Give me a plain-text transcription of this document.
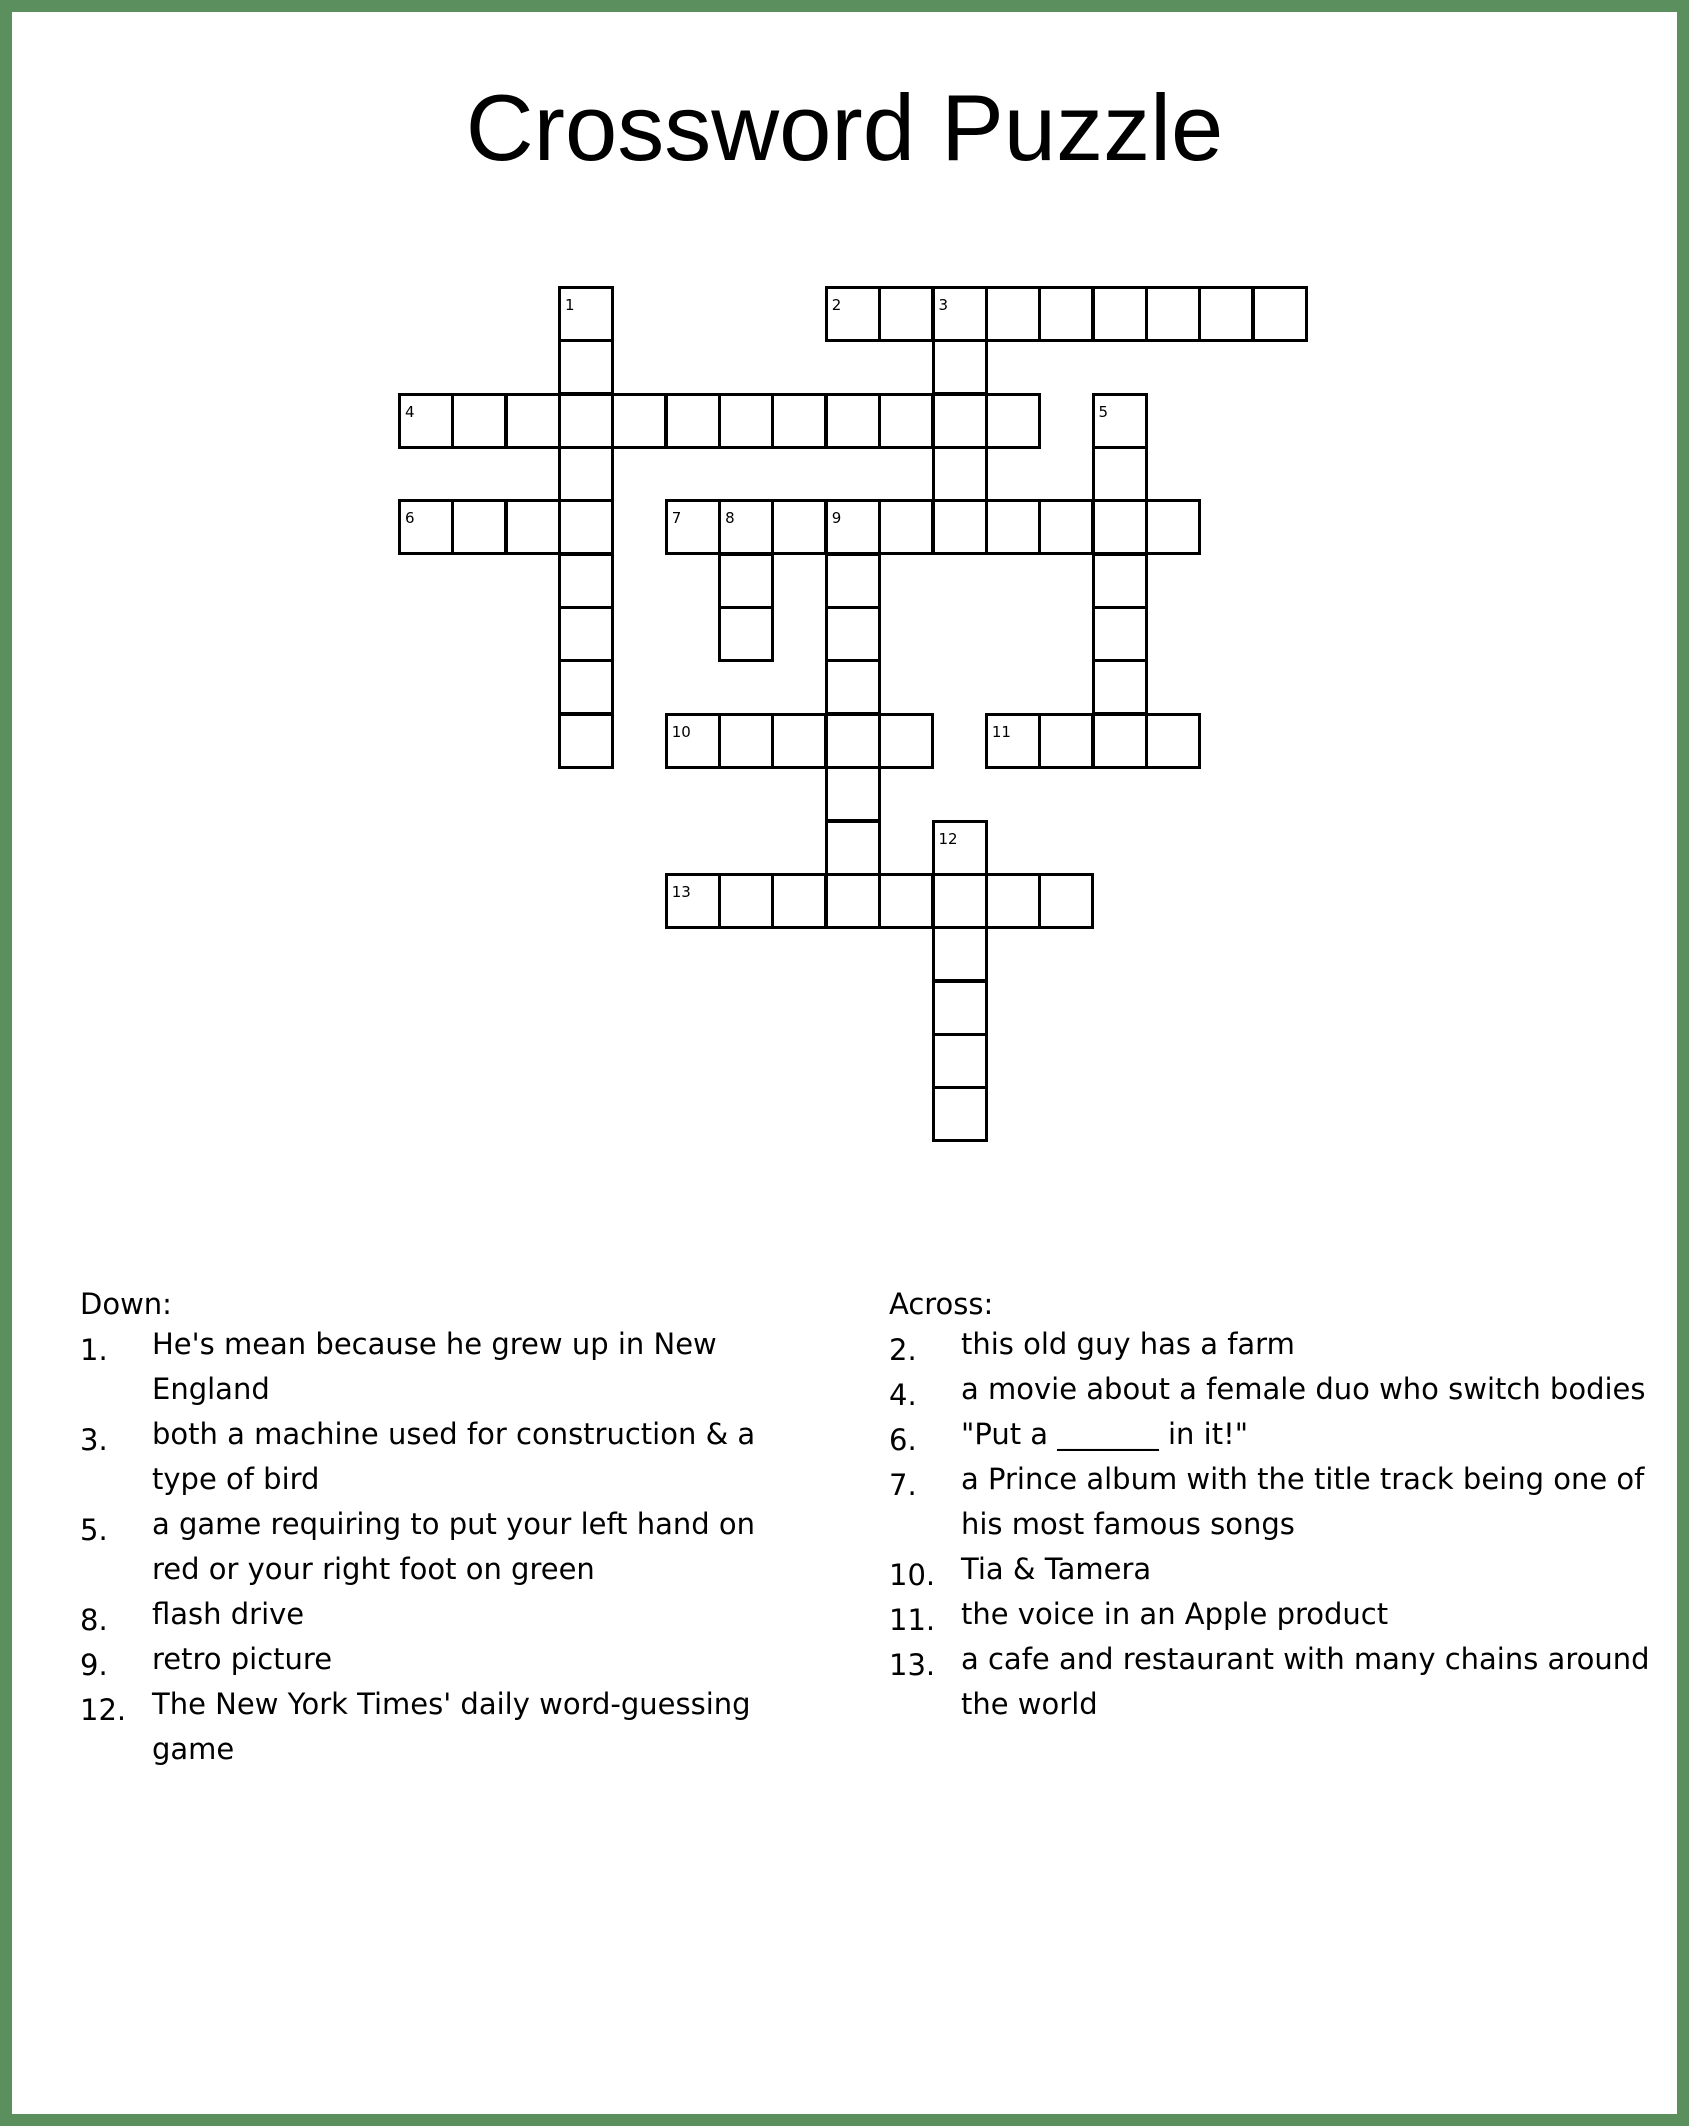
Crossword Puzzle
1	2	3
4	5
6	7	8	9
10	11
12
13
Down:
1. He's mean because he grew up in New England
3. both a machine used for construction & a type of bird
5. a game requiring to put your left hand on red or your right foot on green
8. flash drive
9. retro picture
12. The New York Times' daily word-guessing game
Across:
2. this old guy has a farm
4. a movie about a female duo who switch bodies
6. "Put a _______ in it!"
7. a Prince album with the title track being one of his most famous songs
10. Tia & Tamera
11. the voice in an Apple product
13. a cafe and restaurant with many chains around the world
